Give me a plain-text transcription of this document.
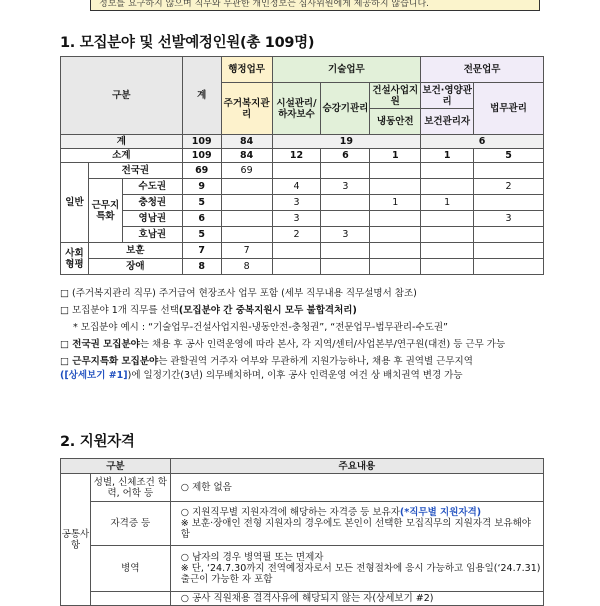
정보를 요구하지 않으며 직무와 무관한 개인정보는 심사위원에게 제공하지 않습니다.
1. 모집분야 및 선발예정인원(총 109명)
구분			계	행정업무	기술업무			전문업무	
				주거복지관리	시설관리/하자보수	승강기관리	건설사업지원	보건·영양관리	법무관리
							냉동안전	보건관리자	
계			109	84	19			6	
소계			109	84	12	6	1	1	5
일반	전국권		69	69					
	근무지특화	수도권	9		4	3			2
		충청권	5		3		1	1	
		영남권	6		3				3
		호남권	5		2	3			
사회형평	보훈		7	7					
	장애		8	8					

□ (주거복지관리 직무) 주거급여 현장조사 업무 포함 (세부 직무내용 직무설명서 참조)

□ 모집분야 1개 직무를 선택(모집분야 간 중복지원시 모두 불합격처리)

* 모집분야 예시 : “기술업무-건설사업지원-냉동안전-충청권”, “전문업무-법무관리-수도권”

□ 전국권 모집분야는 채용 후 공사 인력운영에 따라 본사, 각 지역/센터/사업본부/연구원(대전) 등 근무 가능

□ 근무지특화 모집분야는 관할권역 거주자 여부와 무관하게 지원가능하나, 채용 후 권역별 근무지역
([상세보기 #1])에 일정기간(3년) 의무배치하며, 이후 공사 인력운영 여건 상 배치권역 변경 가능

2. 지원자격
구분		주요내용
공통사항	성별, 신체조건 학력, 어학 등	○ 제한 없음
	자격증 등	○ 지원직무별 지원자격에 해당하는 자격증 등 보유자(*직무별 지원자격)
※ 보훈·장애인 전형 지원자의 경우에도 본인이 선택한 모집직무의 지원자격 보유해야 함
	병역	○ 남자의 경우 병역필 또는 면제자
※ 단, ‘24.7.30까지 전역예정자로서 모든 전형절차에 응시 가능하고 임용일(‘24.7.31) 출근이 가능한 자 포함
		○ 공사 직원채용 결격사유에 해당되지 않는 자(상세보기 #2)
